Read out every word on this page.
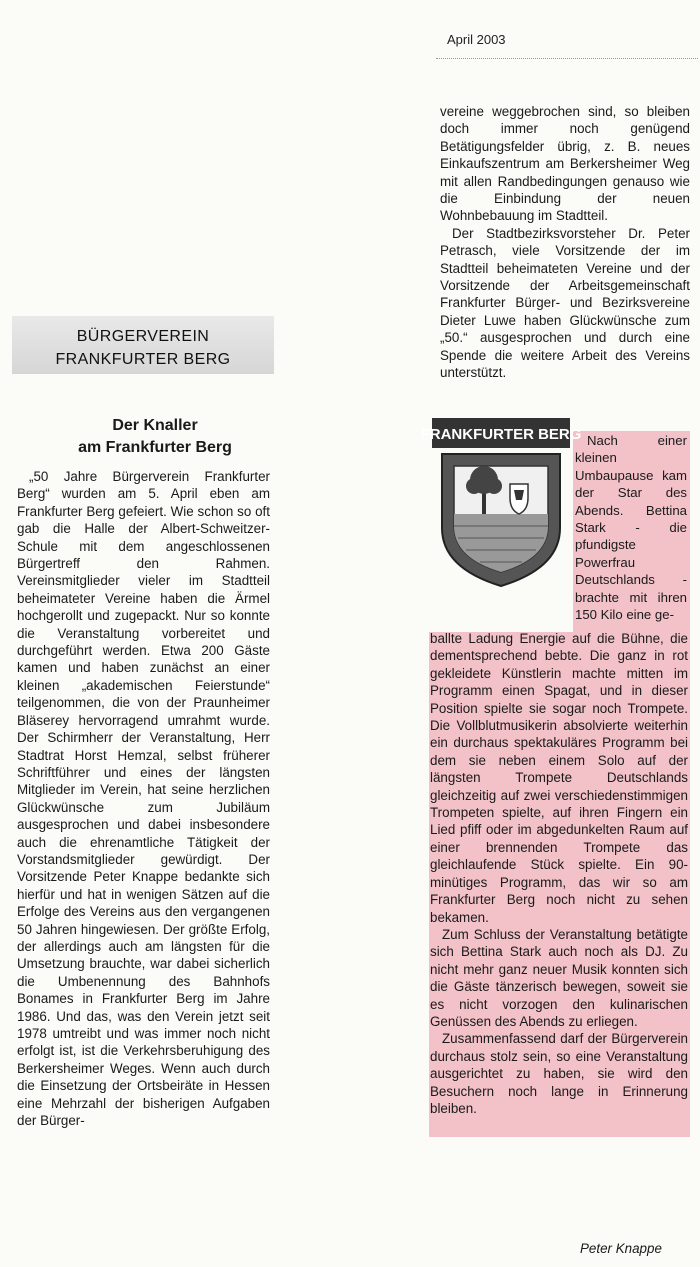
April 2003
BÜRGERVEREIN
FRANKFURTER BERG
Der Knaller
am Frankfurter Berg

„50 Jahre Bürgerverein Frankfurter Berg“ wurden am 5. April eben am Frankfurter Berg gefeiert. Wie schon so oft gab die Halle der Albert-Schweitzer-Schule mit dem angeschlossenen Bürgertreff den Rahmen. Vereinsmitglieder vieler im Stadtteil beheimateter Vereine haben die Ärmel hochgerollt und zugepackt. Nur so konnte die Veranstaltung vorbereitet und durchgeführt werden. Etwa 200 Gäste kamen und haben zunächst an einer kleinen „akademischen Feierstunde“ teilgenommen, die von der Praunheimer Bläserey hervorragend umrahmt wurde. Der Schirmherr der Veranstaltung, Herr Stadtrat Horst Hemzal, selbst früherer Schriftführer und eines der längsten Mitglieder im Verein, hat seine herzlichen Glückwünsche zum Jubiläum ausgesprochen und dabei insbesondere auch die ehrenamtliche Tätigkeit der Vorstandsmitglieder gewürdigt. Der Vorsitzende Peter Knappe bedankte sich hierfür und hat in wenigen Sätzen auf die Erfolge des Vereins aus den vergangenen 50 Jahren hingewiesen. Der größte Erfolg, der allerdings auch am längsten für die Umsetzung brauchte, war dabei sicherlich die Umbenennung des Bahnhofs Bonames in Frankfurter Berg im Jahre 1986. Und das, was den Verein jetzt seit 1978 umtreibt und was immer noch nicht erfolgt ist, ist die Verkehrsberuhigung des Berkersheimer Weges. Wenn auch durch die Einsetzung der Ortsbeiräte in Hessen eine Mehrzahl der bisherigen Aufgaben der Bürger-

vereine weggebrochen sind, so bleiben doch immer noch genügend Betätigungsfelder übrig, z. B. neues Einkaufszentrum am Berkersheimer Weg mit allen Randbedingungen genauso wie die Einbindung der neuen Wohnbebauung im Stadtteil.

Der Stadtbezirksvorsteher Dr. Peter Petrasch, viele Vorsitzende der im Stadtteil beheimateten Vereine und der Vorsitzende der Arbeitsgemeinschaft Frankfurter Bürger- und Bezirksvereine Dieter Luwe haben Glückwünsche zum „50.“ ausgesprochen und durch eine Spende die weitere Arbeit des Vereins unterstützt.

FRANKFURTER BERG Nach einer kleinen Umbaupause kam der Star des Abends. Bettina Stark - die pfundigste Powerfrau Deutschlands - brachte mit ihren 150 Kilo eine ge-

ballte Ladung Energie auf die Bühne, die dementsprechend bebte. Die ganz in rot gekleidete Künstlerin machte mitten im Programm einen Spagat, und in dieser Position spielte sie sogar noch Trompete. Die Vollblutmusikerin absolvierte weiterhin ein durchaus spektakuläres Programm bei dem sie neben einem Solo auf der längsten Trompete Deutschlands gleichzeitig auf zwei verschiedenstimmigen Trompeten spielte, auf ihren Fingern ein Lied pfiff oder im abgedunkelten Raum auf einer brennenden Trompete das gleichlaufende Stück spielte. Ein 90-minütiges Programm, das wir so am Frankfurter Berg noch nicht zu sehen bekamen.

Zum Schluss der Veranstaltung betätigte sich Bettina Stark auch noch als DJ. Zu nicht mehr ganz neuer Musik konnten sich die Gäste tänzerisch bewegen, soweit sie es nicht vorzogen den kulinarischen Genüssen des Abends zu erliegen.

Zusammenfassend darf der Bürgerverein durchaus stolz sein, so eine Veranstaltung ausgerichtet zu haben, sie wird den Besuchern noch lange in Erinnerung bleiben.

Peter Knappe
